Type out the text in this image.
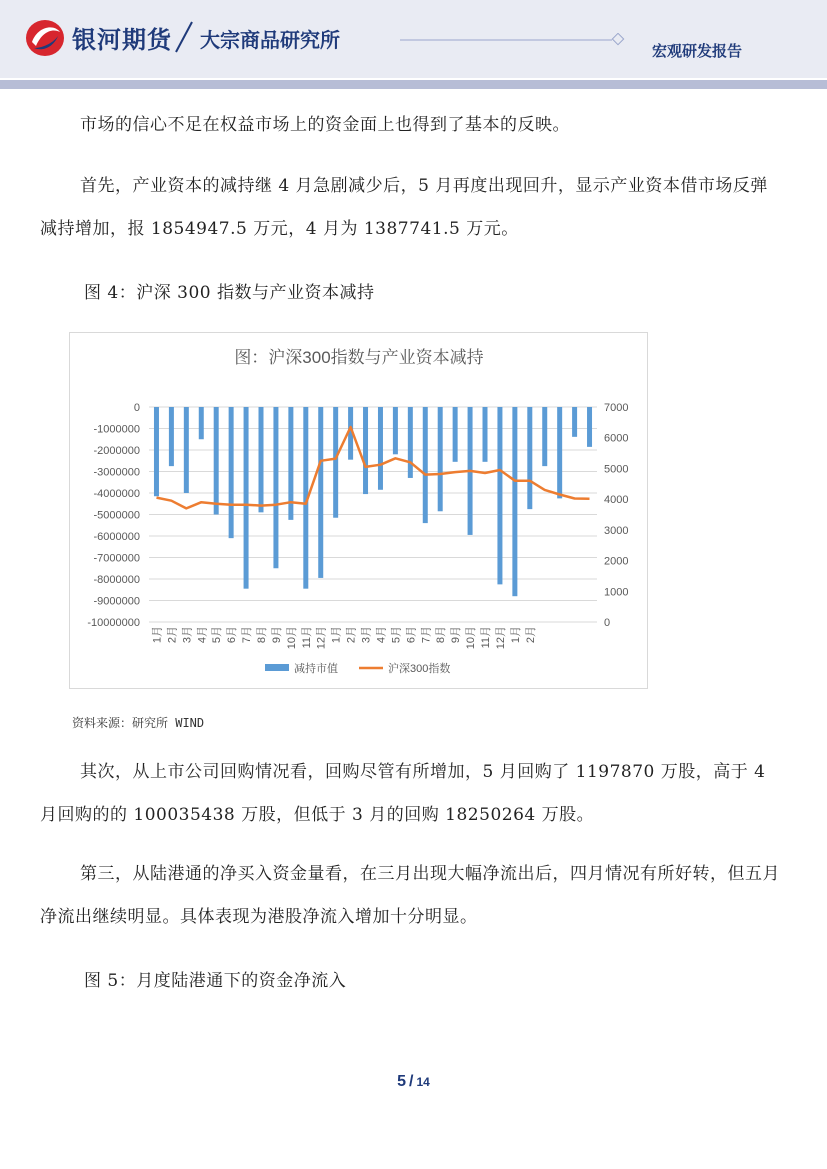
银河期货 大宗商品研究所	宏观研发报告

市场的信心不足在权益市场上的资金面上也得到了基本的反映。

首先，产业资本的减持继 4 月急剧减少后，5 月再度出现回升，显示产业资本借市场反弹减持增加，报 1854947.5 万元，4 月为 1387741.5 万元。

图 4：沪深 300 指数与产业资本减持

图：沪深300指数与产业资本减持
0
-1000000
-2000000
-3000000
-4000000
-5000000
-6000000
-7000000
-8000000
-9000000
-10000000
7000
6000
5000
4000
3000
2000
1000
0
1月 2月 3月 4月 5月 6月 7月 8月 9月 10月 11月 12月 1月 2月 3月 4月 5月 6月 7月 8月 9月 10月 11月 12月 1月 2月
减持市值	沪深300指数
资料来源：研究所 WIND

其次，从上市公司回购情况看，回购尽管有所增加，5 月回购了 1197870 万股，高于 4 月回购的的 100035438 万股，但低于 3 月的回购 18250264 万股。

第三，从陆港通的净买入资金量看，在三月出现大幅净流出后，四月情况有所好转，但五月净流出继续明显。具体表现为港股净流入增加十分明显。

图 5：月度陆港通下的资金净流入

5 / 14
